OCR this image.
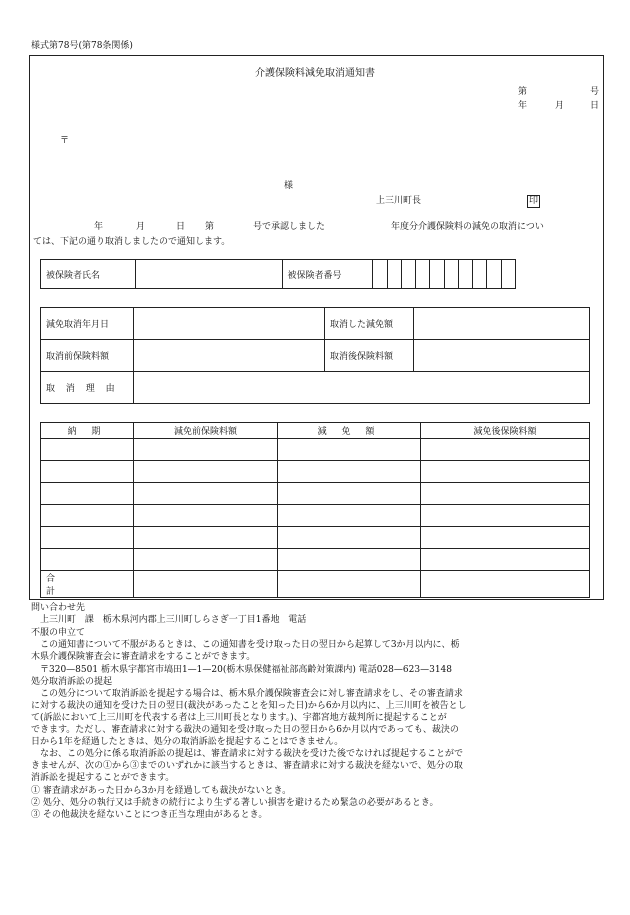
様式第78号(第78条関係)
介護保険料減免取消通知書
第	号
年	月	日
〒
様
上三川町長	印
年	月	日 第	号で承認しました	年度分介護保険料の減免の取消につい
ては、下記の通り取消しましたので通知します。
被保険者氏名		被保険者番号										
減免取消年月日		取消した減免額	
取消前保険料額		取消後保険料額	
取 消 理 由			
納 期	減免前保険料額	減 免 額	減免後保険料額

合 計			
問い合わせ先
上三川町 課 栃木県河内郡上三川町しらさぎ一丁目1番地 電話
不服の申立て
この通知書について不服があるときは、この通知書を受け取った日の翌日から起算して3か月以内に、栃
木県介護保険審査会に審査請求をすることができます。
〒320—8501 栃木県宇都宮市塙田1—1—20(栃木県保健福祉部高齢対策課内) 電話028—623—3148
処分取消訴訟の提起
この処分について取消訴訟を提起する場合は、栃木県介護保険審査会に対し審査請求をし、その審査請求
に対する裁決の通知を受けた日の翌日(裁決があったことを知った日)から6か月以内に、上三川町を被告とし
て(訴訟において上三川町を代表する者は上三川町長となります。)、宇都宮地方裁判所に提起することが
できます。ただし、審査請求に対する裁決の通知を受け取った日の翌日から6か月以内であっても、裁決の
日から1年を経過したときは、処分の取消訴訟を提起することはできません。
なお、この処分に係る取消訴訟の提起は、審査請求に対する裁決を受けた後でなければ提起することがで
きませんが、次の①から③までのいずれかに該当するときは、審査請求に対する裁決を経ないで、処分の取
消訴訟を提起することができます。
① 審査請求があった日から3か月を経過しても裁決がないとき。
② 処分、処分の執行又は手続きの続行により生ずる著しい損害を避けるため緊急の必要があるとき。
③ その他裁決を経ないことにつき正当な理由があるとき。
